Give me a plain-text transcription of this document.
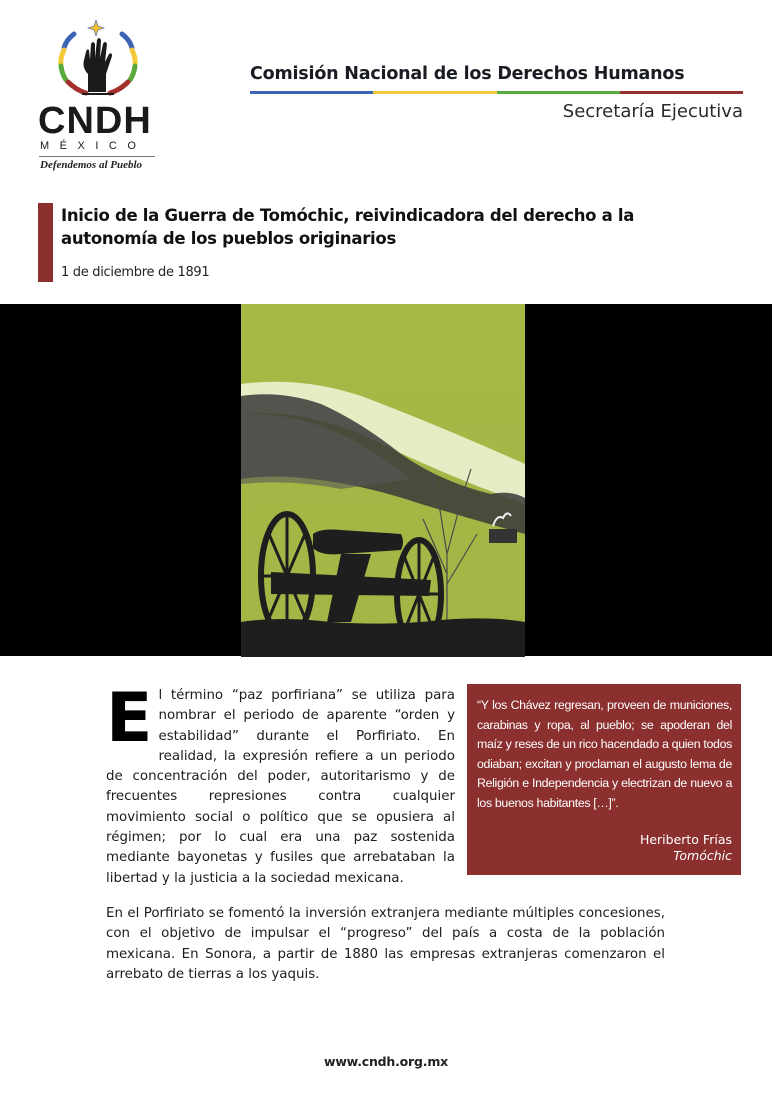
CNDH
MÉXICO
Defendemos al Pueblo
Comisión Nacional de los Derechos Humanos
Secretaría Ejecutiva
Inicio de la Guerra de Tomóchic, reivindicadora del derecho a la autonomía de los pueblos originarios
1 de diciembre de 1891
E l término “paz porfiriana” se utiliza para nombrar el periodo de aparente “orden y estabilidad” durante el Porfiriato. En realidad, la expresión refiere a un periodo de concentración del poder, autoritarismo y de frecuentes represiones contra cualquier movimiento social o político que se opusiera al régimen; por lo cual era una paz sostenida mediante bayonetas y fusiles que arrebataban la libertad y la justicia a la sociedad mexicana.
“Y los Chávez regresan, proveen de municiones, carabinas y ropa, al pueblo; se apoderan del maíz y reses de un rico hacendado a quien todos odiaban; excitan y proclaman el augusto lema de Religión e Independencia y electrizan de nuevo a los buenos habitantes […]”.
Heriberto Frías
Tomóchic
En el Porfiriato se fomentó la inversión extranjera mediante múltiples concesiones, con el objetivo de impulsar el “progreso” del país a costa de la población mexicana. En Sonora, a partir de 1880 las empresas extranjeras comenzaron el arrebato de tierras a los yaquis.
www.cndh.org.mx
